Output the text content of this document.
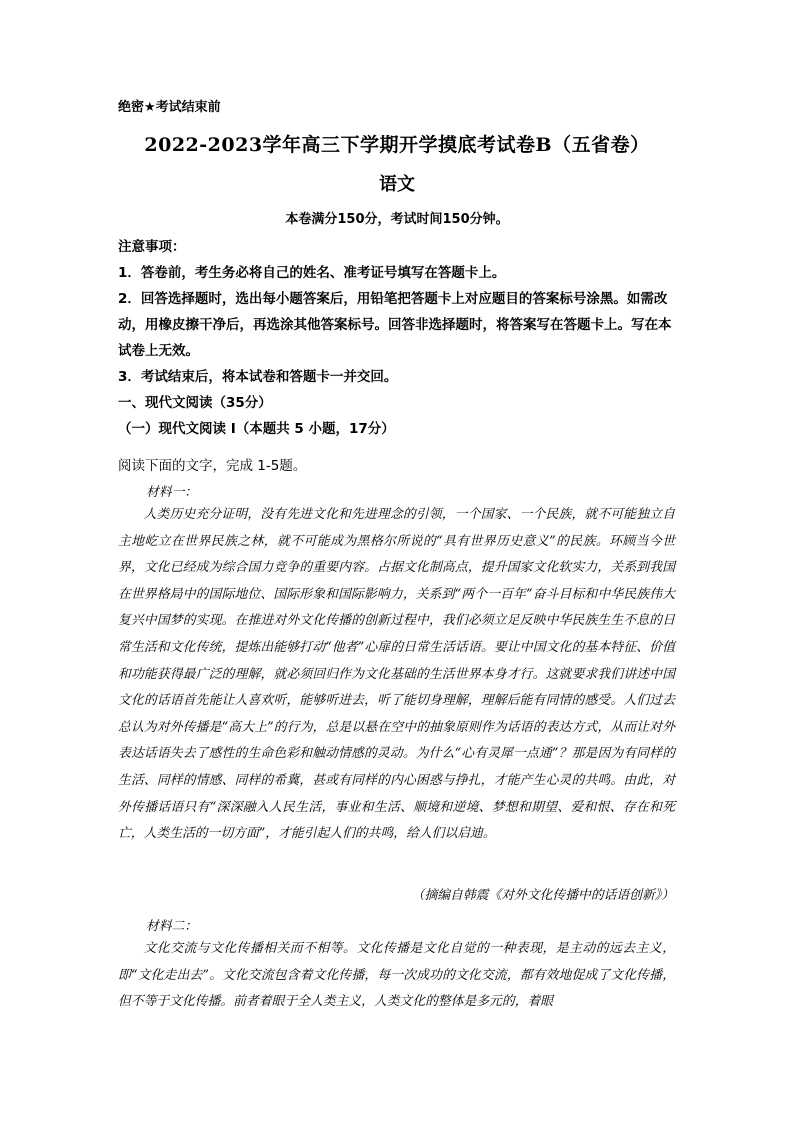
绝密★考试结束前
2022-2023学年高三下学期开学摸底考试卷B（五省卷）
语文
本卷满分150分，考试时间150分钟。
注意事项：
1．答卷前，考生务必将自己的姓名、准考证号填写在答题卡上。
2．回答选择题时，选出每小题答案后，用铅笔把答题卡上对应题目的答案标号涂黑。如需改动，用橡皮擦干净后，再选涂其他答案标号。回答非选择题时，将答案写在答题卡上。写在本试卷上无效。
3．考试结束后，将本试卷和答题卡一并交回。
一、现代文阅读（35分）
（一）现代文阅读 I（本题共 5 小题，17分）
阅读下面的文字，完成 1-5题。
材料一：

人类历史充分证明，没有先进文化和先进理念的引领，一个国家、一个民族，就不可能独立自主地屹立在世界民族之林，就不可能成为黑格尔所说的“具有世界历史意义”的民族。环顾当今世界，文化已经成为综合国力竞争的重要内容。占据文化制高点，提升国家文化软实力，关系到我国在世界格局中的国际地位、国际形象和国际影响力，关系到“两个一百年”奋斗目标和中华民族伟大复兴中国梦的实现。在推进对外文化传播的创新过程中，我们必须立足反映中华民族生生不息的日常生活和文化传统，提炼出能够打动“他者”心扉的日常生活话语。要让中国文化的基本特征、价值和功能获得最广泛的理解，就必须回归作为文化基础的生活世界本身才行。这就要求我们讲述中国文化的话语首先能让人喜欢听，能够听进去，听了能切身理解，理解后能有同情的感受。人们过去总认为对外传播是“高大上”的行为，总是以悬在空中的抽象原则作为话语的表达方式，从而让对外表达话语失去了感性的生命色彩和触动情感的灵动。为什么“心有灵犀一点通”？那是因为有同样的生活、同样的情感、同样的希冀，甚或有同样的内心困惑与挣扎，才能产生心灵的共鸣。由此，对外传播话语只有“深深融入人民生活，事业和生活、顺境和逆境、梦想和期望、爱和恨、存在和死亡，人类生活的一切方面”，才能引起人们的共鸣，给人们以启迪。

（摘编自韩震《对外文化传播中的话语创新》）
材料二：

文化交流与文化传播相关而不相等。文化传播是文化自觉的一种表现，是主动的远去主义，即“文化走出去”。文化交流包含着文化传播，每一次成功的文化交流，都有效地促成了文化传播，但不等于文化传播。前者着眼于全人类主义，人类文化的整体是多元的，着眼
